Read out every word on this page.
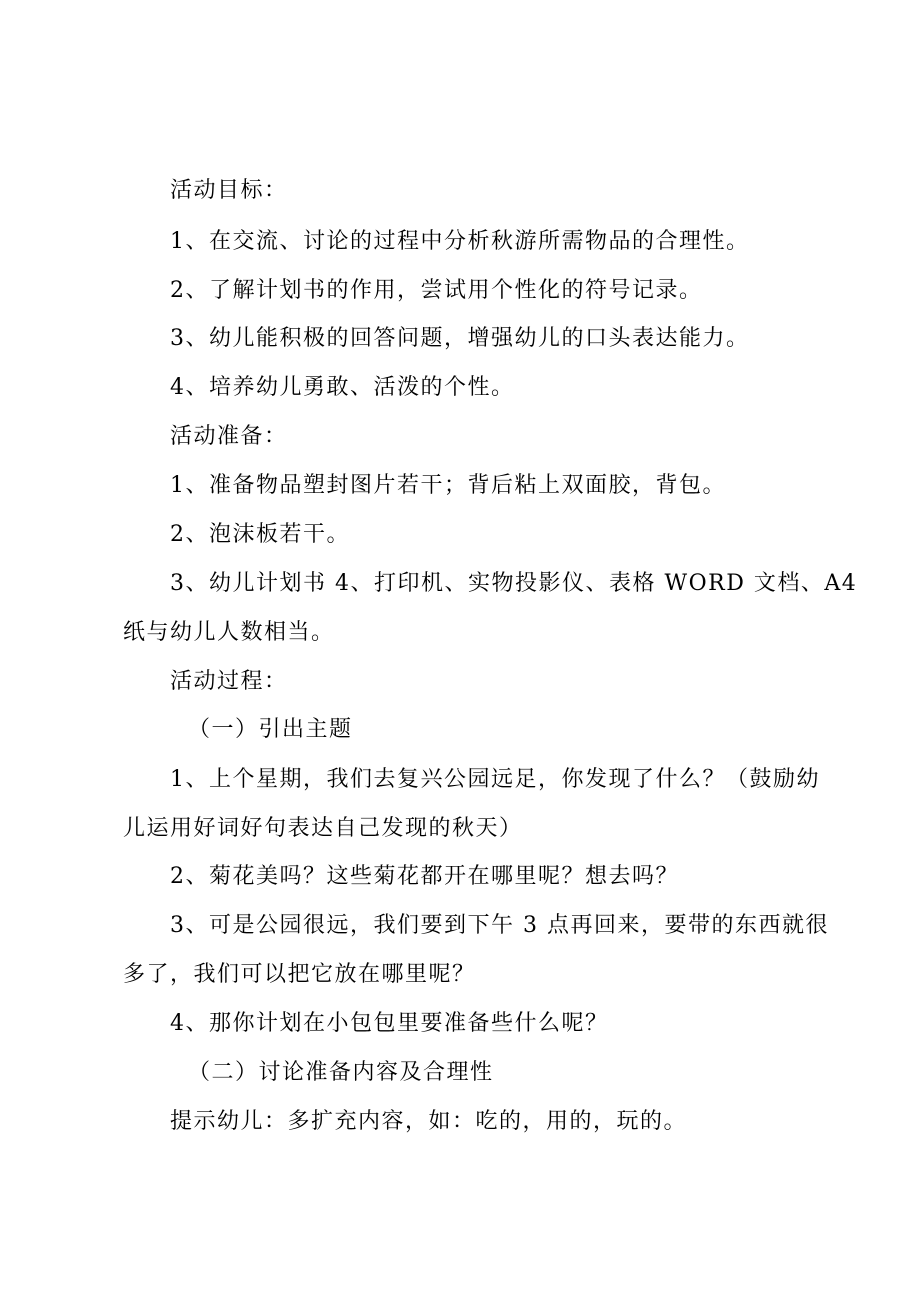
活动目标：
1、在交流、讨论的过程中分析秋游所需物品的合理性。
2、了解计划书的作用，尝试用个性化的符号记录。
3、幼儿能积极的回答问题，增强幼儿的口头表达能力。
4、培养幼儿勇敢、活泼的个性。
活动准备：
1、准备物品塑封图片若干；背后粘上双面胶，背包。
2、泡沫板若干。
3、幼儿计划书 4、打印机、实物投影仪、表格 WORD 文档、A4
纸与幼儿人数相当。
活动过程：
（一）引出主题
1、上个星期，我们去复兴公园远足，你发现了什么？（鼓励幼
儿运用好词好句表达自己发现的秋天）
2、菊花美吗？这些菊花都开在哪里呢？想去吗？
3、可是公园很远，我们要到下午 3 点再回来，要带的东西就很
多了，我们可以把它放在哪里呢？
4、那你计划在小包包里要准备些什么呢？
（二）讨论准备内容及合理性
提示幼儿：多扩充内容，如：吃的，用的，玩的。
